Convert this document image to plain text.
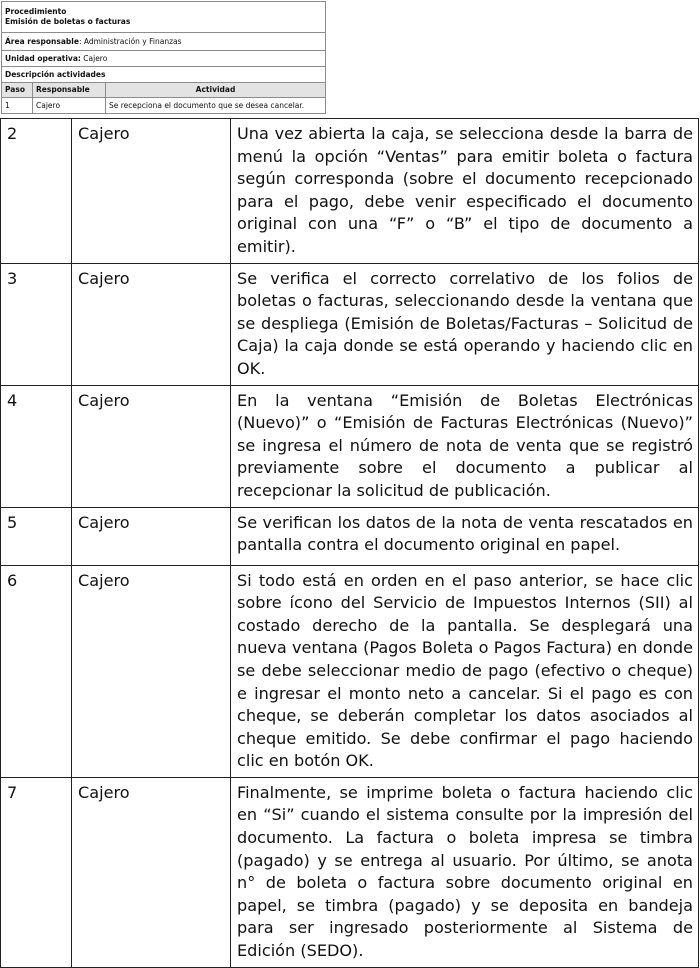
Procedimiento
Emisión de boletas o facturas		

Área responsable: Administración y Finanzas		
Unidad operativa: Cajero		
Descripción actividades		
Paso	Responsable	Actividad
1	Cajero	Se recepciona el documento que se desea cancelar.
2	Cajero	Una vez abierta la caja, se selecciona desde la barra de menú la opción “Ventas” para emitir boleta o factura según corresponda (sobre el documento recepcionado para el pago, debe venir especificado el documento original con una “F” o “B” el tipo de documento a emitir).
3	Cajero	Se verifica el correcto correlativo de los folios de boletas o facturas, seleccionando desde la ventana que se despliega (Emisión de Boletas/Facturas – Solicitud de Caja) la caja donde se está operando y haciendo clic en OK.
4	Cajero	En la ventana “Emisión de Boletas Electrónicas (Nuevo)” o “Emisión de Facturas Electrónicas (Nuevo)” se ingresa el número de nota de venta que se registró previamente sobre el documento a publicar al recepcionar la solicitud de publicación.
5	Cajero	Se verifican los datos de la nota de venta rescatados en pantalla contra el documento original en papel.
6	Cajero	Si todo está en orden en el paso anterior, se hace clic sobre ícono del Servicio de Impuestos Internos (SII) al costado derecho de la pantalla. Se desplegará una nueva ventana (Pagos Boleta o Pagos Factura) en donde se debe seleccionar medio de pago (efectivo o cheque) e ingresar el monto neto a cancelar. Si el pago es con cheque, se deberán completar los datos asociados al cheque emitido. Se debe confirmar el pago haciendo clic en botón OK.
7	Cajero	Finalmente, se imprime boleta o factura haciendo clic en “Si” cuando el sistema consulte por la impresión del documento. La factura o boleta impresa se timbra (pagado) y se entrega al usuario. Por último, se anota n° de boleta o factura sobre documento original en papel, se timbra (pagado) y se deposita en bandeja para ser ingresado posteriormente al Sistema de Edición (SEDO).
